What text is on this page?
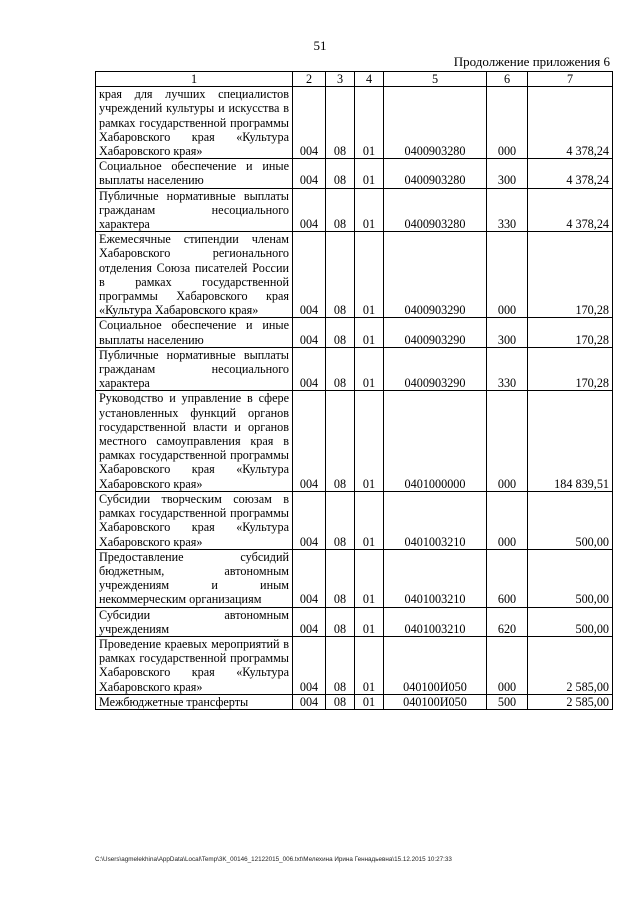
51
Продолжение приложения 6
1	2	3	4	5	6	7
края для лучших специалистов учреждений культуры и искусства в рамках государственной программы Хабаровского края «Культура Хабаровского края»	004	08	01	0400903280	000	4 378,24
Социальное обеспечение и иные выплаты населению	004	08	01	0400903280	300	4 378,24
Публичные нормативные выплаты гражданам несоциального характера	004	08	01	0400903280	330	4 378,24
Ежемесячные стипендии членам Хабаровского регионального отделения Союза писателей России в рамках государственной программы Хабаровского края «Культура Хабаровского края»	004	08	01	0400903290	000	170,28
Социальное обеспечение и иные выплаты населению	004	08	01	0400903290	300	170,28
Публичные нормативные выплаты гражданам несоциального характера	004	08	01	0400903290	330	170,28
Руководство и управление в сфере установленных функций органов государственной власти и органов местного самоуправления края в рамках государственной программы Хабаровского края «Культура Хабаровского края»	004	08	01	0401000000	000	184 839,51
Субсидии творческим союзам в рамках государственной программы Хабаровского края «Культура Хабаровского края»	004	08	01	0401003210	000	500,00
Предоставление субсидий бюджетным, автономным учреждениям и иным некоммерческим организациям	004	08	01	0401003210	600	500,00
Субсидии автономным учреждениям	004	08	01	0401003210	620	500,00
Проведение краевых мероприятий в рамках государственной программы Хабаровского края «Культура Хабаровского края»	004	08	01	040100И050	000	2 585,00
Межбюджетные трансферты	004	08	01	040100И050	500	2 585,00
C:\Users\agmelekhina\AppData\Local\Temp\3K_00146_12122015_006.txt\Мелехина Ирина Геннадьевна\15.12.2015 10:27:33
